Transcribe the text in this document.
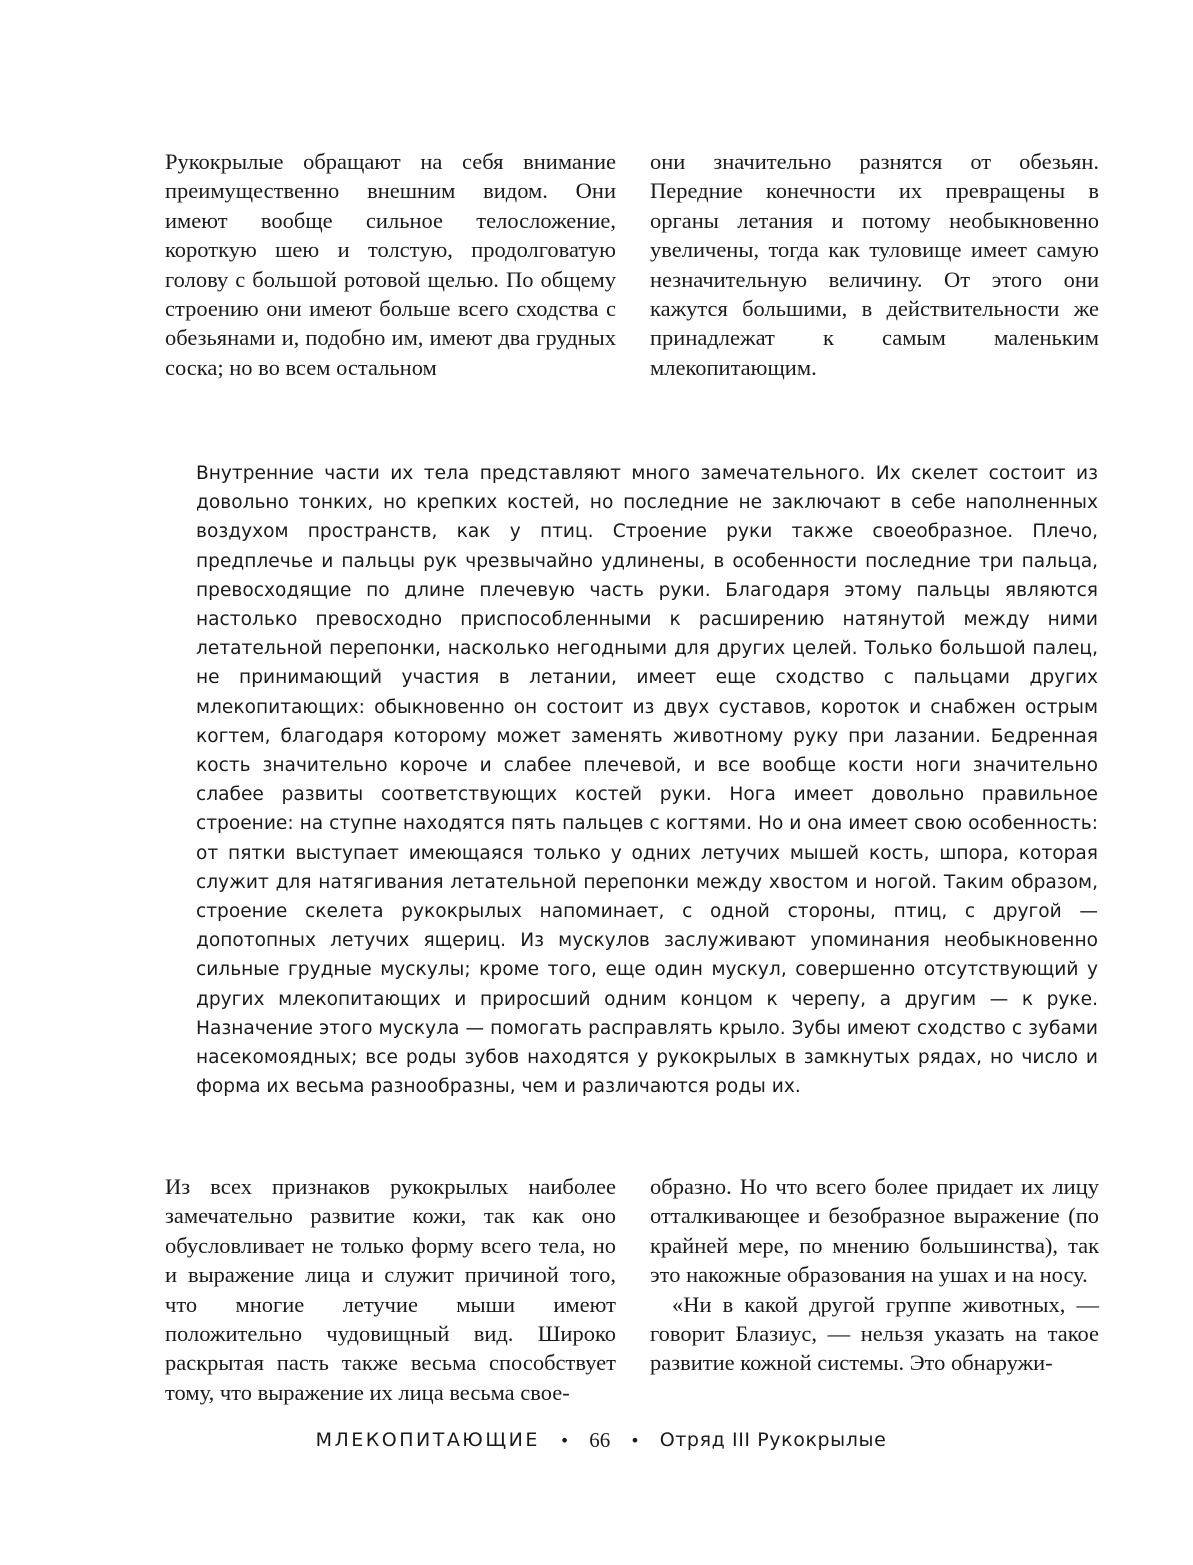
Рукокрылые обращают на себя внимание преимущественно внешним видом. Они имеют вообще сильное телосложение, короткую шею и толстую, продолговатую голову с большой ротовой щелью. По общему строению они имеют больше всего сходства с обезьянами и, подобно им, имеют два грудных соска; но во всем остальном

они значительно разнятся от обезьян. Передние конечности их превращены в органы летания и потому необыкновенно увеличены, тогда как туловище имеет самую незначительную величину. От этого они кажутся большими, в действительности же принадлежат к самым маленьким млекопитающим.

Внутренние части их тела представляют много замечательного. Их скелет состоит из довольно тонких, но крепких костей, но последние не заключают в себе наполненных воздухом пространств, как у птиц. Строение руки также своеобразное. Плечо, предплечье и пальцы рук чрезвычайно удлинены, в особенности последние три пальца, превосходящие по длине плечевую часть руки. Благодаря этому пальцы являются настолько превосходно приспособленными к расширению натянутой между ними летательной перепонки, насколько негодными для других целей. Только большой палец, не принимающий участия в летании, имеет еще сходство с пальцами других млекопитающих: обыкновенно он состоит из двух суставов, короток и снабжен острым когтем, благодаря которому может заменять животному руку при лазании. Бедренная кость значительно короче и слабее плечевой, и все вообще кости ноги значительно слабее развиты соответствующих костей руки. Нога имеет довольно правильное строение: на ступне находятся пять пальцев с когтями. Но и она имеет свою особенность: от пятки выступает имеющаяся только у одних летучих мышей кость, шпора, которая служит для натягивания летательной перепонки между хвостом и ногой. Таким образом, строение скелета рукокрылых напоминает, с одной стороны, птиц, с другой — допотопных летучих ящериц. Из мускулов заслуживают упоминания необыкновенно сильные грудные мускулы; кроме того, еще один мускул, совершенно отсутствующий у других млекопитающих и приросший одним концом к черепу, а другим — к руке. Назначение этого мускула — помогать расправлять крыло. Зубы имеют сходство с зубами насекомоядных; все роды зубов находятся у рукокрылых в замкнутых рядах, но число и форма их весьма разнообразны, чем и различаются роды их.

Из всех признаков рукокрылых наиболее замечательно развитие кожи, так как оно обусловливает не только форму всего тела, но и выражение лица и служит причиной того, что многие летучие мыши имеют положительно чудовищный вид. Широко раскрытая пасть также весьма способствует тому, что выражение их лица весьма свое-

образно. Но что всего более придает их лицу отталкивающее и безобразное выражение (по крайней мере, по мнению большинства), так это накожные образования на ушах и на носу.

«Ни в какой другой группе животных, — говорит Блазиус, — нельзя указать на такое развитие кожной системы. Это обнаружи-

МЛЕКОПИТАЮЩИЕ • 66 • Отряд III Рукокрылые
